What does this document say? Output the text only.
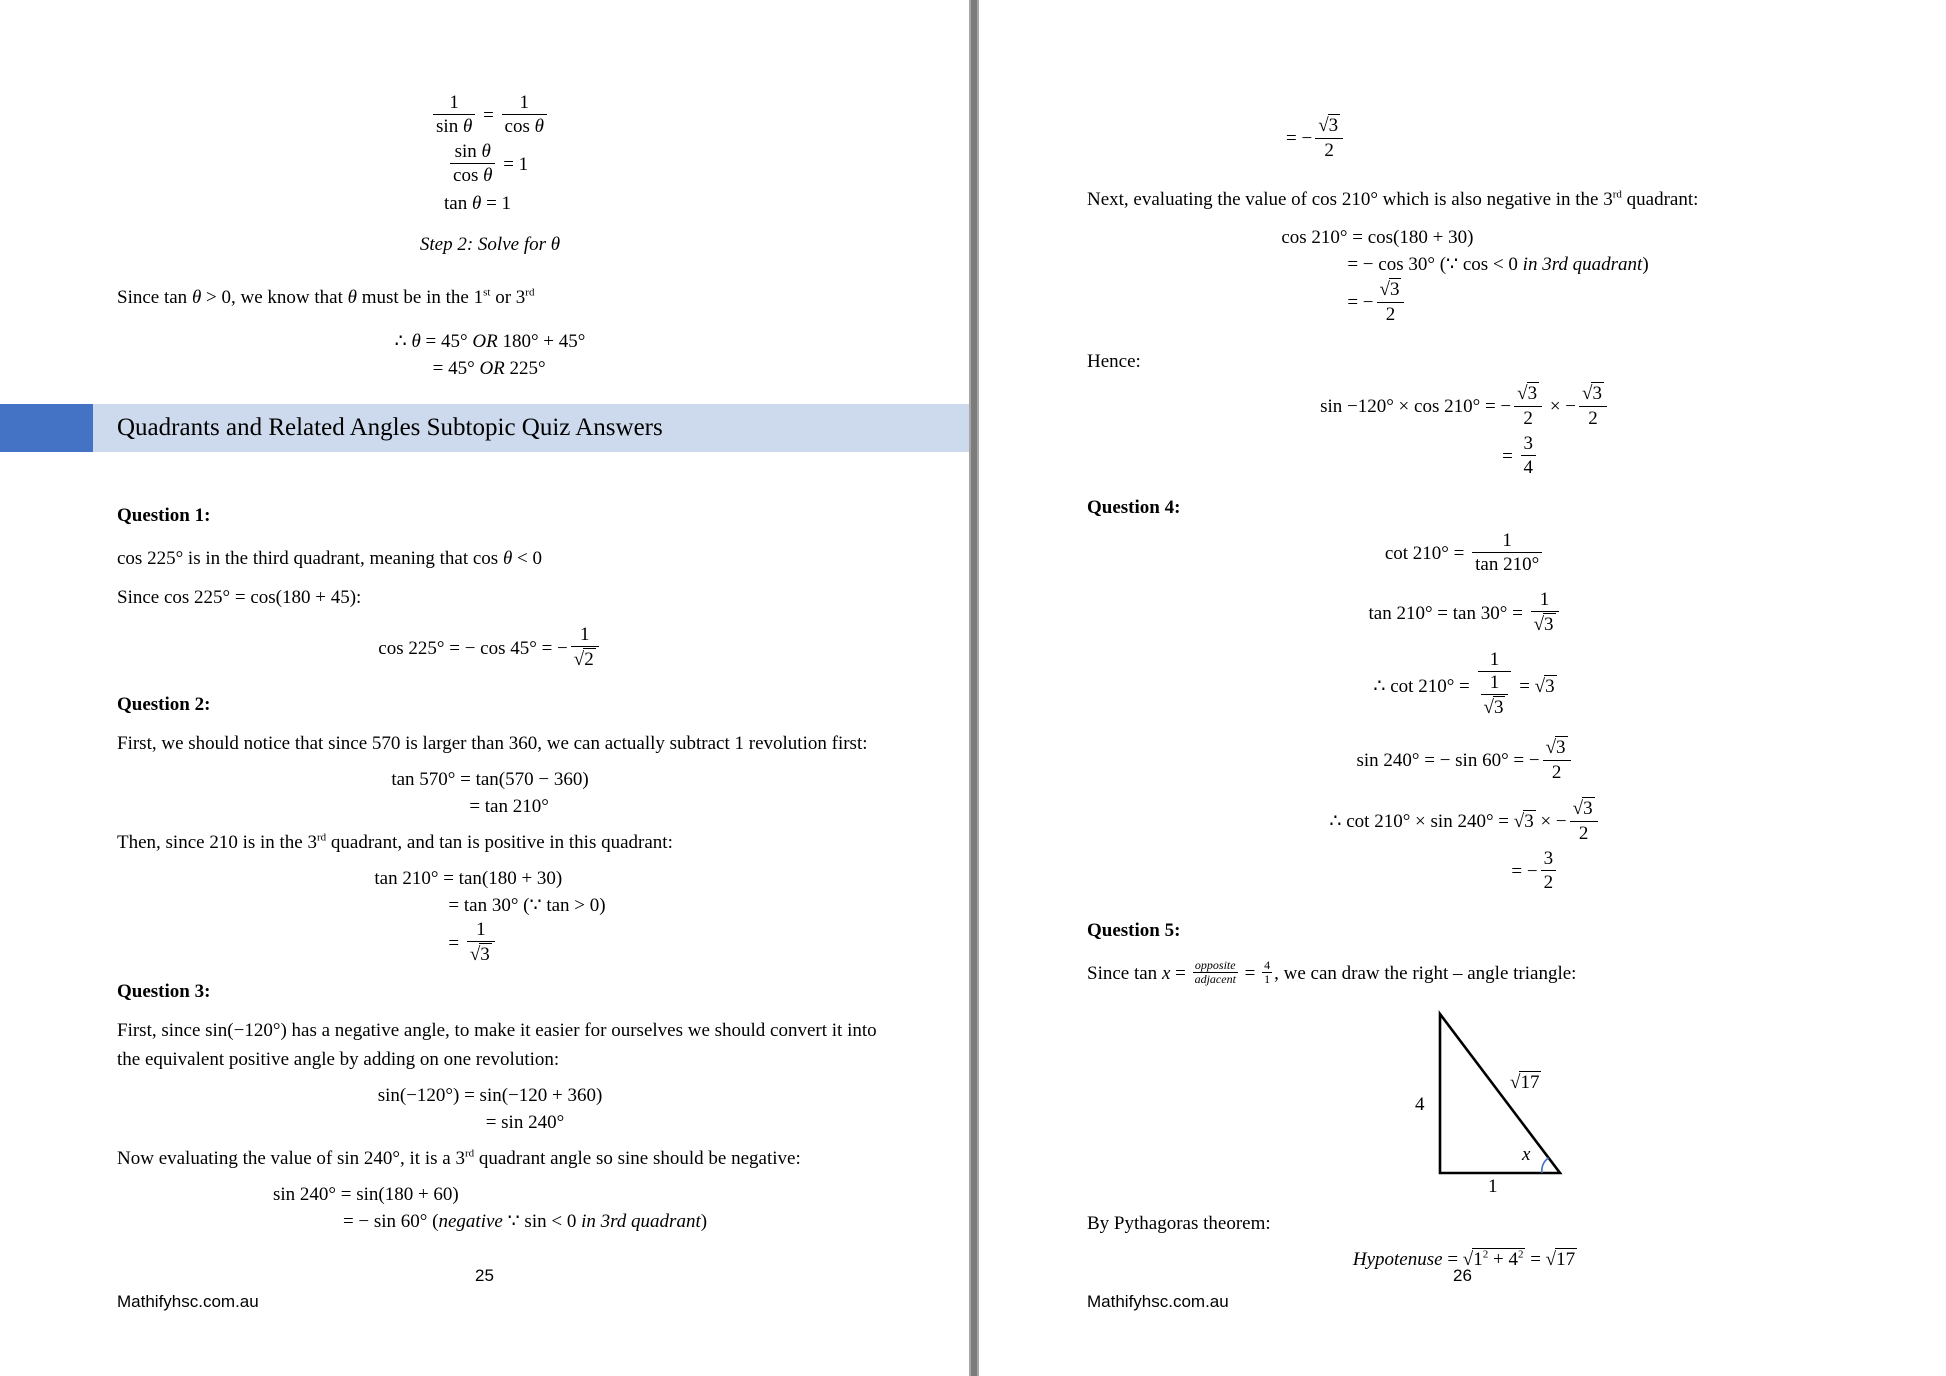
$\frac{1}{\text{sin θ}} = \frac{1}{\text{cos θ}}$
$\frac{\text{sin θ}}{\text{cos θ}} = 1$
tan θ = 1
Step 2: Solve for θ

Since tan θ > 0, we know that θ must be in the 1st or 3rd

∴ θ = 45° OR 180° + 45°
= 45° OR 225°
Quadrants and Related Angles Subtopic Quiz Answers
Question 1:

cos 225° is in the third quadrant, meaning that cos θ < 0

Since cos 225° = cos(180 + 45):

cos 225° = − cos 45° = − $\frac{1}{√2}$
Question 2:

First, we should notice that since 570 is larger than 360, we can actually subtract 1 revolution first:

tan 570° = tan(570 − 360)
= tan 210°

Then, since 210 is in the 3rd quadrant, and tan is positive in this quadrant:

tan 210° = tan(180 + 30)
= tan 30° (∵ tan > 0)
= $\frac{1}{√3}$
Question 3:

First, since sin(−120°) has a negative angle, to make it easier for ourselves we should convert it into the equivalent positive angle by adding on one revolution:

sin(−120°) = sin(−120 + 360)
= sin 240°

Now evaluating the value of sin 240°, it is a 3rd quadrant angle so sine should be negative:

sin 240° = sin(180 + 60)
= − sin 60° (negative ∵ sin < 0 in 3rd quadrant)
25
Mathifyhsc.com.au
= − $\frac{√3}{2}$

Next, evaluating the value of cos 210° which is also negative in the 3rd quadrant:

cos 210° = cos(180 + 30)
= − cos 30° (∵ cos < 0 in 3rd quadrant)
= − $\frac{√3}{2}$

Hence:

sin −120° × cos 210° = − $\frac{√3}{2}$ × − $\frac{√3}{2}$
= $\frac{3}{4}$
Question 4:
$\cot 210^\circ = \frac{1}{\tan 210^\circ}$
$\tan 210^\circ = \tan 30^\circ = \frac{1}{√3}$
∴ $\cot 210^\circ = \frac{1}{\frac{1}{√3}} = √3$
sin 240° = − sin 60° = − $\frac{√3}{2}$
∴ cot 210° × sin 240° = √3 × − $\frac{√3}{2}$
= − $\frac{3}{2}$
Question 5:

Since tan x = opposite
adjacent = $\frac{4}{1}$ , we can draw the right – angle triangle:

4
√17
x
1

By Pythagoras theorem:

Hypotenuse = $√1^2 + 4^2 = √17$
26
Mathifyhsc.com.au
